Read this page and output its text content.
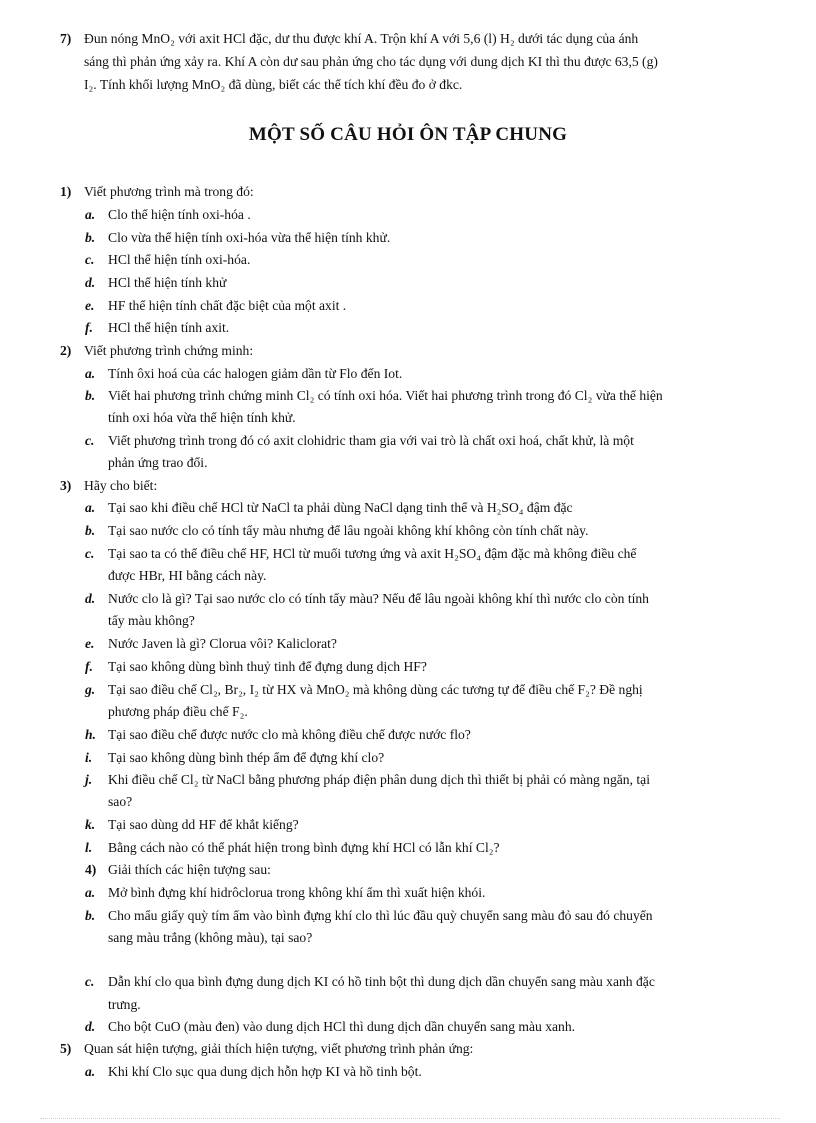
7) Đun nóng MnO₂ với axit HCl đặc, dư thu được khí A. Trộn khí A với 5,6 (l) H₂ dưới tác dụng của ánh
sáng thì phản ứng xảy ra. Khí A còn dư sau phản ứng cho tác dụng với dung dịch KI thì thu được 63,5 (g)
I₂. Tính khối lượng MnO₂ đã dùng, biết các thể tích khí đều đo ở đkc.
MỘT SỐ CÂU HỎI ÔN TẬP CHUNG
1) Viết phương trình mà trong đó:
a. Clo thể hiện tính oxi-hóa .
b. Clo vừa thể hiện tính oxi-hóa vừa thể hiện tính khử.
c. HCl thể hiện tính oxi-hóa.
d. HCl thể hiện tính khử
e. HF thể hiện tính chất đặc biệt của một axit .
f. HCl thể hiện tính axit.
2) Viết phương trình chứng minh:
a. Tính ôxi hoá của các halogen giảm dần từ Flo đến Iot.
b. Viết hai phương trình chứng minh Cl₂ có tính oxi hóa. Viết hai phương trình trong đó Cl₂ vừa thể hiện
tính oxi hóa vừa thể hiện tính khử.
c. Viết phương trình trong đó có axit clohidric tham gia với vai trò là chất oxi hoá, chất khử, là một
phản ứng trao đổi.
3) Hãy cho biết:
a. Tại sao khi điều chế HCl từ NaCl ta phải dùng NaCl dạng tinh thể và H₂SO₄ đậm đặc
b. Tại sao nước clo có tính tẩy màu nhưng để lâu ngoài không khí không còn tính chất này.
c. Tại sao ta có thể điều chế HF, HCl từ muối tương ứng và axit H₂SO₄ đậm đặc mà không điều chế
được HBr, HI bằng cách này.
d. Nước clo là gì? Tại sao nước clo có tính tẩy màu? Nếu để lâu ngoài không khí thì nước clo còn tính
tẩy màu không?
e. Nước Javen là gì? Clorua vôi? Kaliclorat?
f. Tại sao không dùng bình thuỷ tinh để đựng dung dịch HF?
g. Tại sao điều chế Cl₂, Br₂, I₂ từ HX và MnO₂ mà không dùng các tương tự để điều chế F₂? Đề nghị
phương pháp điều chế F₂.
h. Tại sao điều chế được nước clo mà không điều chế được nước flo?
i. Tại sao không dùng bình thép ẩm để đựng khí clo?
j. Khi điều chế Cl₂ từ NaCl bằng phương pháp điện phân dung dịch thì thiết bị phải có màng ngăn, tại
sao?
k. Tại sao dùng dd HF để khắt kiếng?
l. Bằng cách nào có thể phát hiện trong bình đựng khí HCl có lẫn khí Cl₂?
4) Giải thích các hiện tượng sau:
a. Mở bình đựng khí hidrôclorua trong không khí ẩm thì xuất hiện khói.
b. Cho mẩu giấy quỳ tím ẩm vào bình đựng khí clo thì lúc đầu quỳ chuyển sang màu đỏ sau đó chuyển
sang màu trắng (không màu), tại sao?
c. Dẫn khí clo qua bình đựng dung dịch KI có hồ tinh bột thì dung dịch dần chuyển sang màu xanh đặc
trưng.
d. Cho bột CuO (màu đen) vào dung dịch HCl thì dung dịch dần chuyển sang màu xanh.
5) Quan sát hiện tượng, giải thích hiện tượng, viết phương trình phản ứng:
a. Khi khí Clo sục qua dung dịch hỗn hợp KI và hồ tinh bột.
